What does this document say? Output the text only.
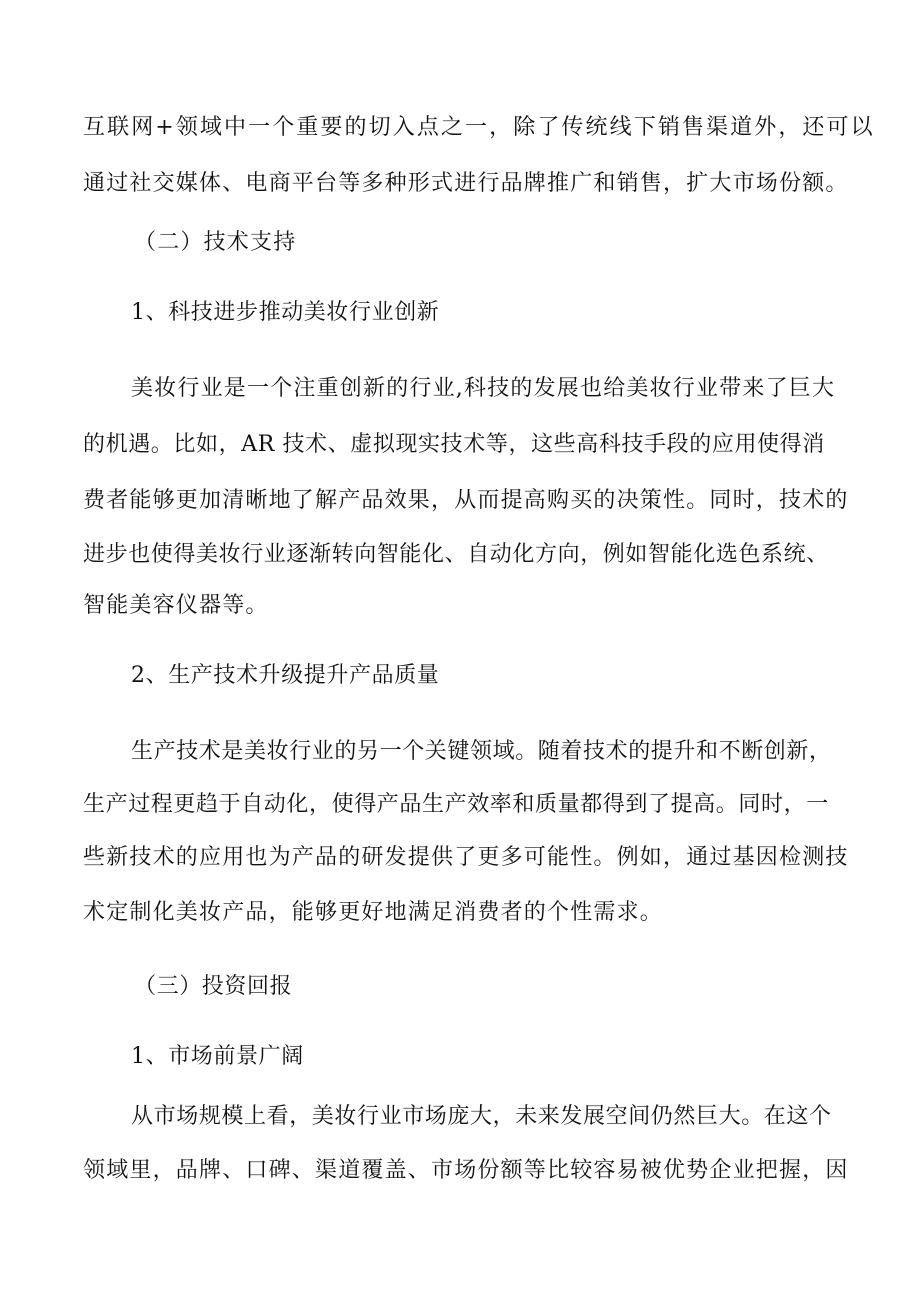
互联网+领域中一个重要的切入点之一，除了传统线下销售渠道外，还可以
通过社交媒体、电商平台等多种形式进行品牌推广和销售，扩大市场份额。
（二）技术支持
1、科技进步推动美妆行业创新
美妆行业是一个注重创新的行业,科技的发展也给美妆行业带来了巨大
的机遇。比如，AR 技术、虚拟现实技术等，这些高科技手段的应用使得消
费者能够更加清晰地了解产品效果，从而提高购买的决策性。同时，技术的
进步也使得美妆行业逐渐转向智能化、自动化方向，例如智能化选色系统、
智能美容仪器等。
2、生产技术升级提升产品质量
生产技术是美妆行业的另一个关键领域。随着技术的提升和不断创新，
生产过程更趋于自动化，使得产品生产效率和质量都得到了提高。同时，一
些新技术的应用也为产品的研发提供了更多可能性。例如，通过基因检测技
术定制化美妆产品，能够更好地满足消费者的个性需求。
（三）投资回报
1、市场前景广阔
从市场规模上看，美妆行业市场庞大，未来发展空间仍然巨大。在这个
领域里，品牌、口碑、渠道覆盖、市场份额等比较容易被优势企业把握，因
